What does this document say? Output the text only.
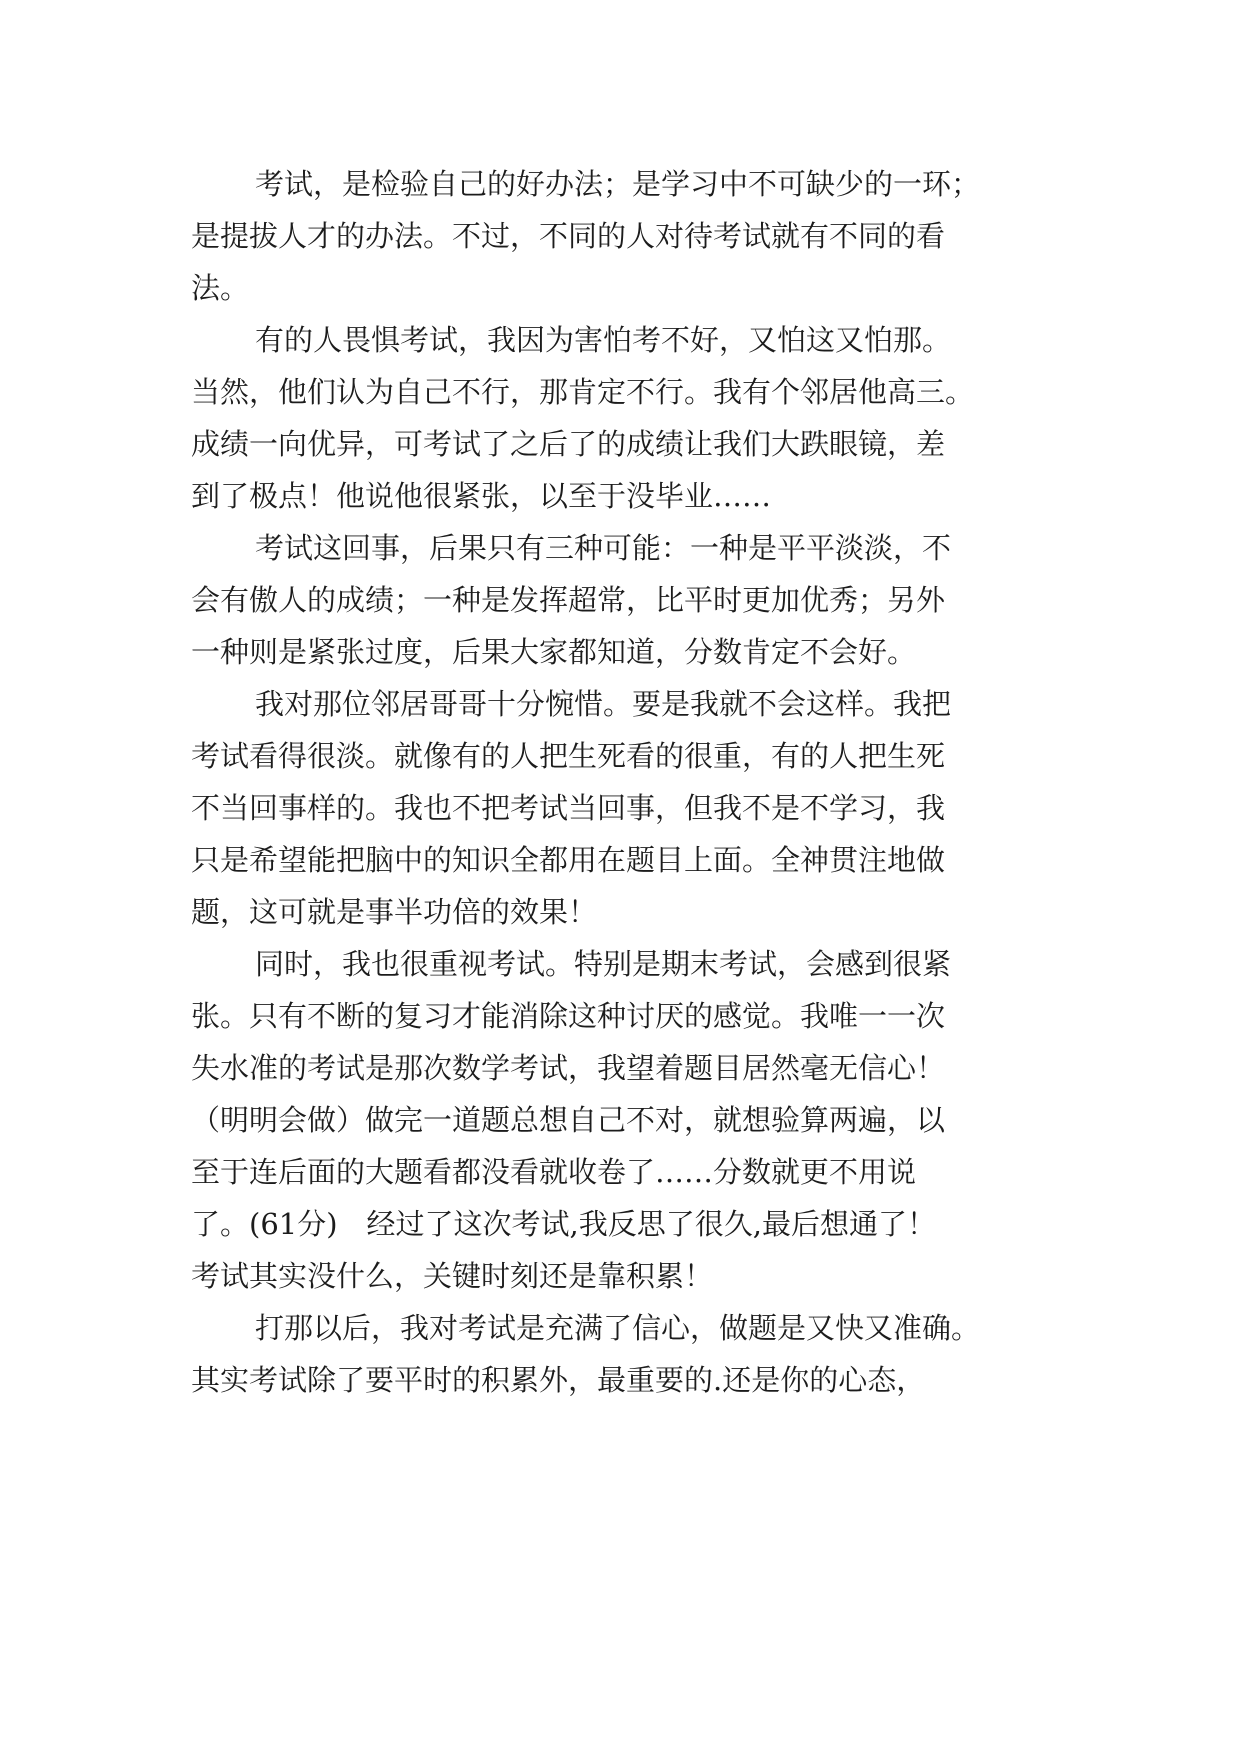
考试，是检验自己的好办法；是学习中不可缺少的一环；
是提拔人才的办法。不过，不同的人对待考试就有不同的看
法。
有的人畏惧考试，我因为害怕考不好，又怕这又怕那。
当然，他们认为自己不行，那肯定不行。我有个邻居他高三。
成绩一向优异，可考试了之后了的成绩让我们大跌眼镜，差
到了极点！他说他很紧张，以至于没毕业……
考试这回事，后果只有三种可能：一种是平平淡淡，不
会有傲人的成绩；一种是发挥超常，比平时更加优秀；另外
一种则是紧张过度，后果大家都知道，分数肯定不会好。
我对那位邻居哥哥十分惋惜。要是我就不会这样。我把
考试看得很淡。就像有的人把生死看的很重，有的人把生死
不当回事样的。我也不把考试当回事，但我不是不学习，我
只是希望能把脑中的知识全都用在题目上面。全神贯注地做
题，这可就是事半功倍的效果！
同时，我也很重视考试。特别是期末考试，会感到很紧
张。只有不断的复习才能消除这种讨厌的感觉。我唯一一次
失水准的考试是那次数学考试，我望着题目居然毫无信心！
（明明会做）做完一道题总想自己不对，就想验算两遍，以
至于连后面的大题看都没看就收卷了……分数就更不用说
了。(61分)　经过了这次考试,我反思了很久,最后想通了！
考试其实没什么，关键时刻还是靠积累！
打那以后，我对考试是充满了信心，做题是又快又准确。
其实考试除了要平时的积累外，最重要的.还是你的心态，
